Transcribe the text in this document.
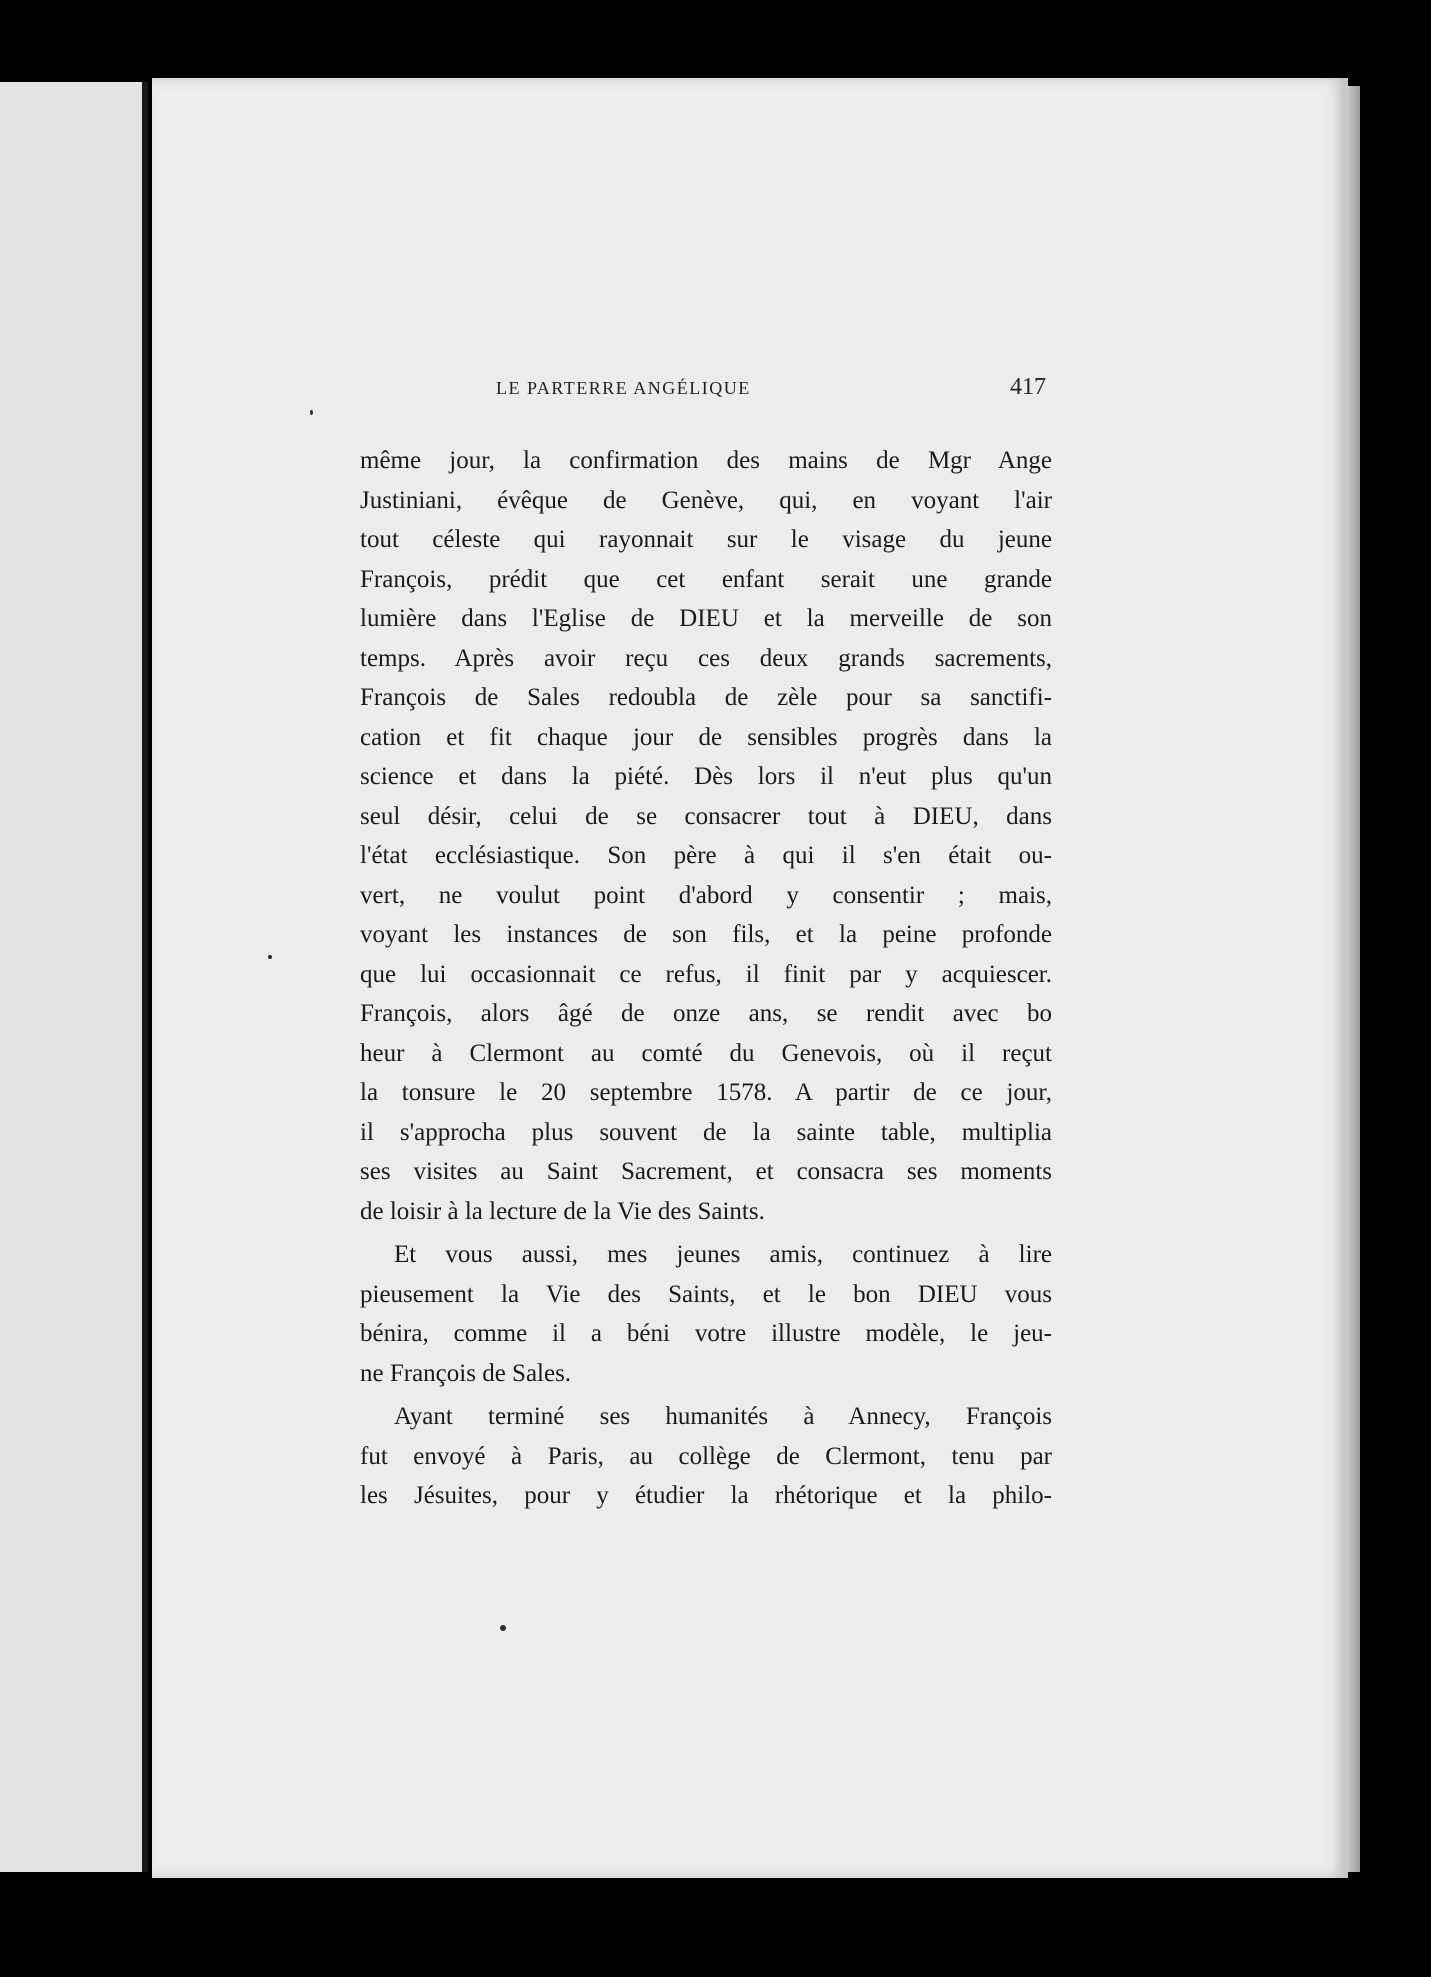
LE PARTERRE ANGÉLIQUE	417
même jour, la confirmation des mains de Mgr Ange
Justiniani, évêque de Genève, qui, en voyant l'air
tout céleste qui rayonnait sur le visage du jeune
François, prédit que cet enfant serait une grande
lumière dans l'Eglise de DIEU et la merveille de son
temps. Après avoir reçu ces deux grands sacrements,
François de Sales redoubla de zèle pour sa sanctifi-
cation et fit chaque jour de sensibles progrès dans la
science et dans la piété. Dès lors il n'eut plus qu'un
seul désir, celui de se consacrer tout à DIEU, dans
l'état ecclésiastique. Son père à qui il s'en était ou-
vert, ne voulut point d'abord y consentir ; mais,
voyant les instances de son fils, et la peine profonde
que lui occasionnait ce refus, il finit par y acquiescer.
François, alors âgé de onze ans, se rendit avec bo
heur à Clermont au comté du Genevois, où il reçut
la tonsure le 20 septembre 1578. A partir de ce jour,
il s'approcha plus souvent de la sainte table, multiplia
ses visites au Saint Sacrement, et consacra ses moments
de loisir à la lecture de la Vie des Saints.
Et vous aussi, mes jeunes amis, continuez à lire
pieusement la Vie des Saints, et le bon DIEU vous
bénira, comme il a béni votre illustre modèle, le jeu-
ne François de Sales.
Ayant terminé ses humanités à Annecy, François
fut envoyé à Paris, au collège de Clermont, tenu par
les Jésuites, pour y étudier la rhétorique et la philo-
